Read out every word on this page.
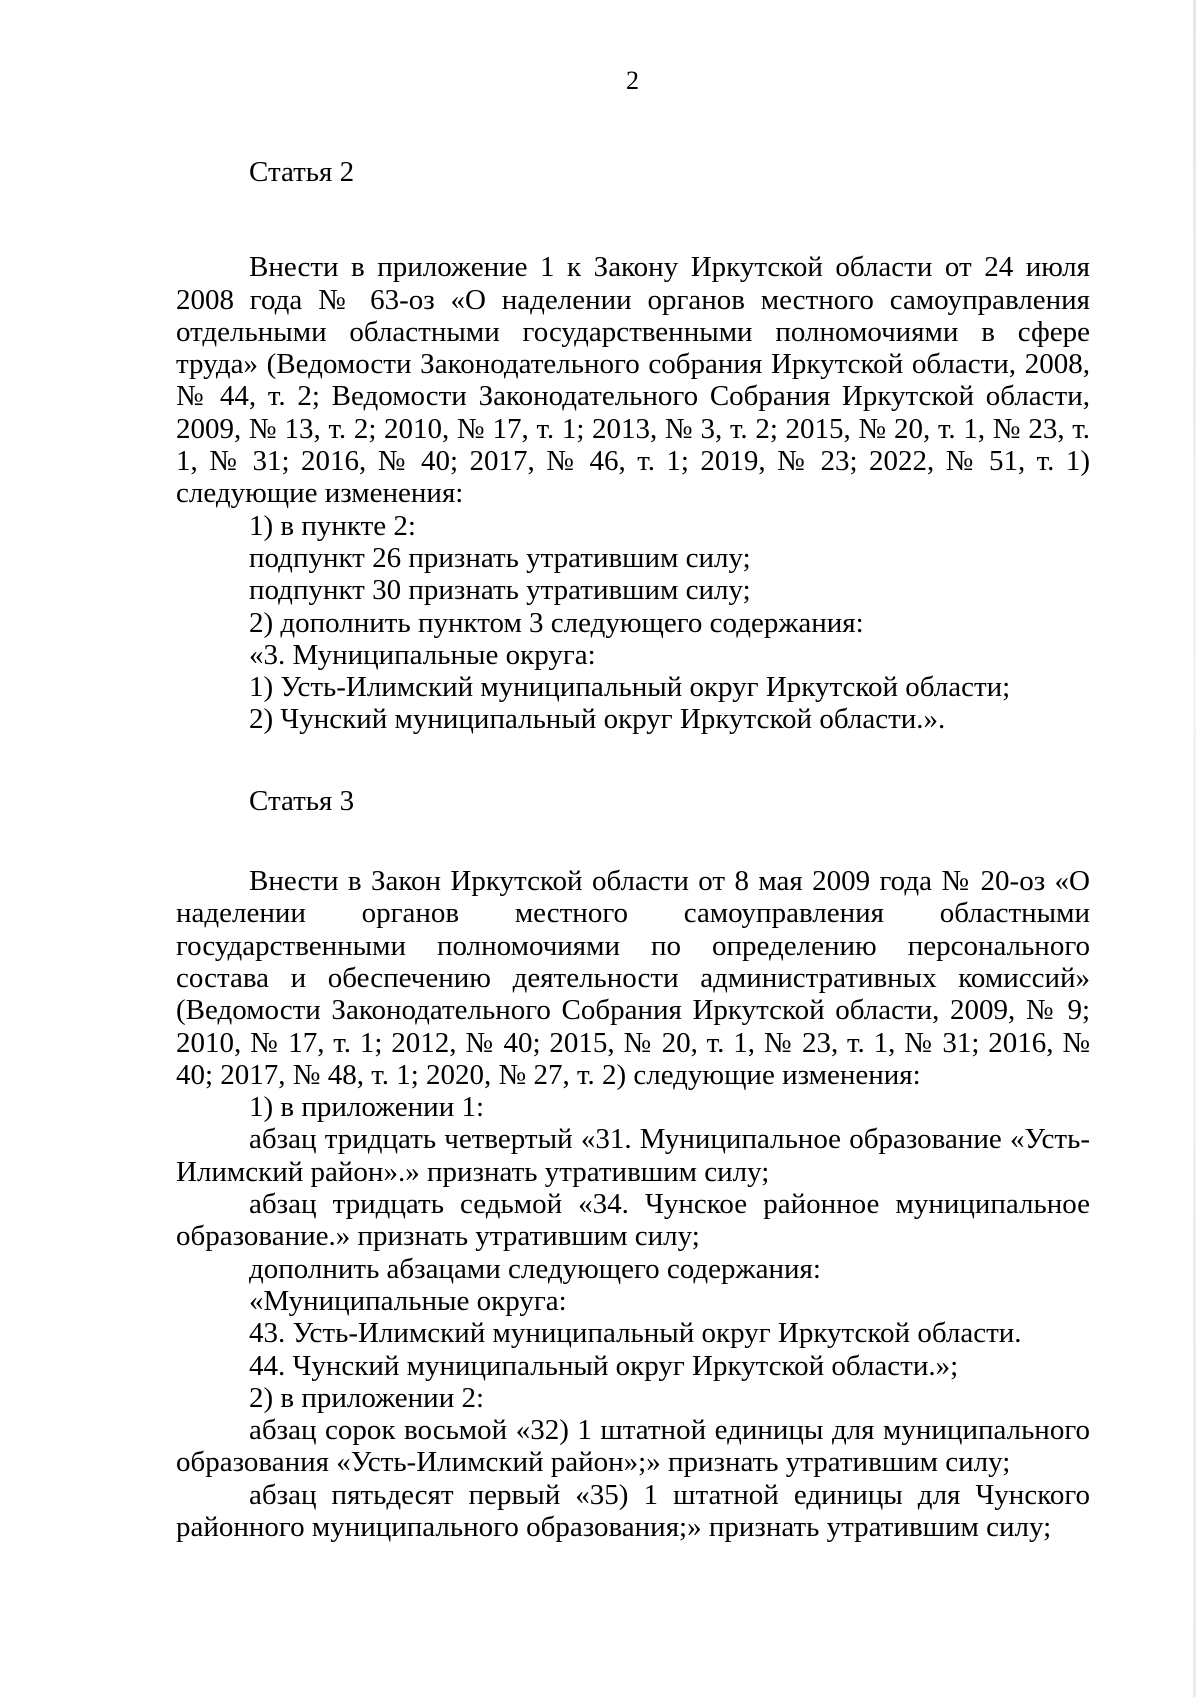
2

Статья 2

Внести в приложение 1 к Закону Иркутской области от 24 июля 2008 года № 63-оз «О наделении органов местного самоуправления отдельными областными государственными полномочиями в сфере труда» (Ведомости Законодательного собрания Иркутской области, 2008, № 44, т. 2; Ведомости Законодательного Собрания Иркутской области, 2009, № 13, т. 2; 2010, № 17, т. 1; 2013, № 3, т. 2; 2015, № 20, т. 1, № 23, т. 1, № 31; 2016, № 40; 2017, № 46, т. 1; 2019, № 23; 2022, № 51, т. 1) следующие изменения:

1) в пункте 2:

подпункт 26 признать утратившим силу;

подпункт 30 признать утратившим силу;

2) дополнить пунктом 3 следующего содержания:

«3. Муниципальные округа:

1) Усть-Илимский муниципальный округ Иркутской области;

2) Чунский муниципальный округ Иркутской области.».

Статья 3

Внести в Закон Иркутской области от 8 мая 2009 года № 20-оз «О наделении органов местного самоуправления областными государственными полномочиями по определению персонального состава и обеспечению деятельности административных комиссий» (Ведомости Законодательного Собрания Иркутской области, 2009, № 9; 2010, № 17, т. 1; 2012, № 40; 2015, № 20, т. 1, № 23, т. 1, № 31; 2016, № 40; 2017, № 48, т. 1; 2020, № 27, т. 2) следующие изменения:

1) в приложении 1:

абзац тридцать четвертый «31. Муниципальное образование «Усть-Илимский район».» признать утратившим силу;

абзац тридцать седьмой «34. Чунское районное муниципальное образование.» признать утратившим силу;

дополнить абзацами следующего содержания:

«Муниципальные округа:

43. Усть-Илимский муниципальный округ Иркутской области.

44. Чунский муниципальный округ Иркутской области.»;

2) в приложении 2:

абзац сорок восьмой «32) 1 штатной единицы для муниципального образования «Усть-Илимский район»;» признать утратившим силу;

абзац пятьдесят первый «35) 1 штатной единицы для Чунского районного муниципального образования;» признать утратившим силу;
